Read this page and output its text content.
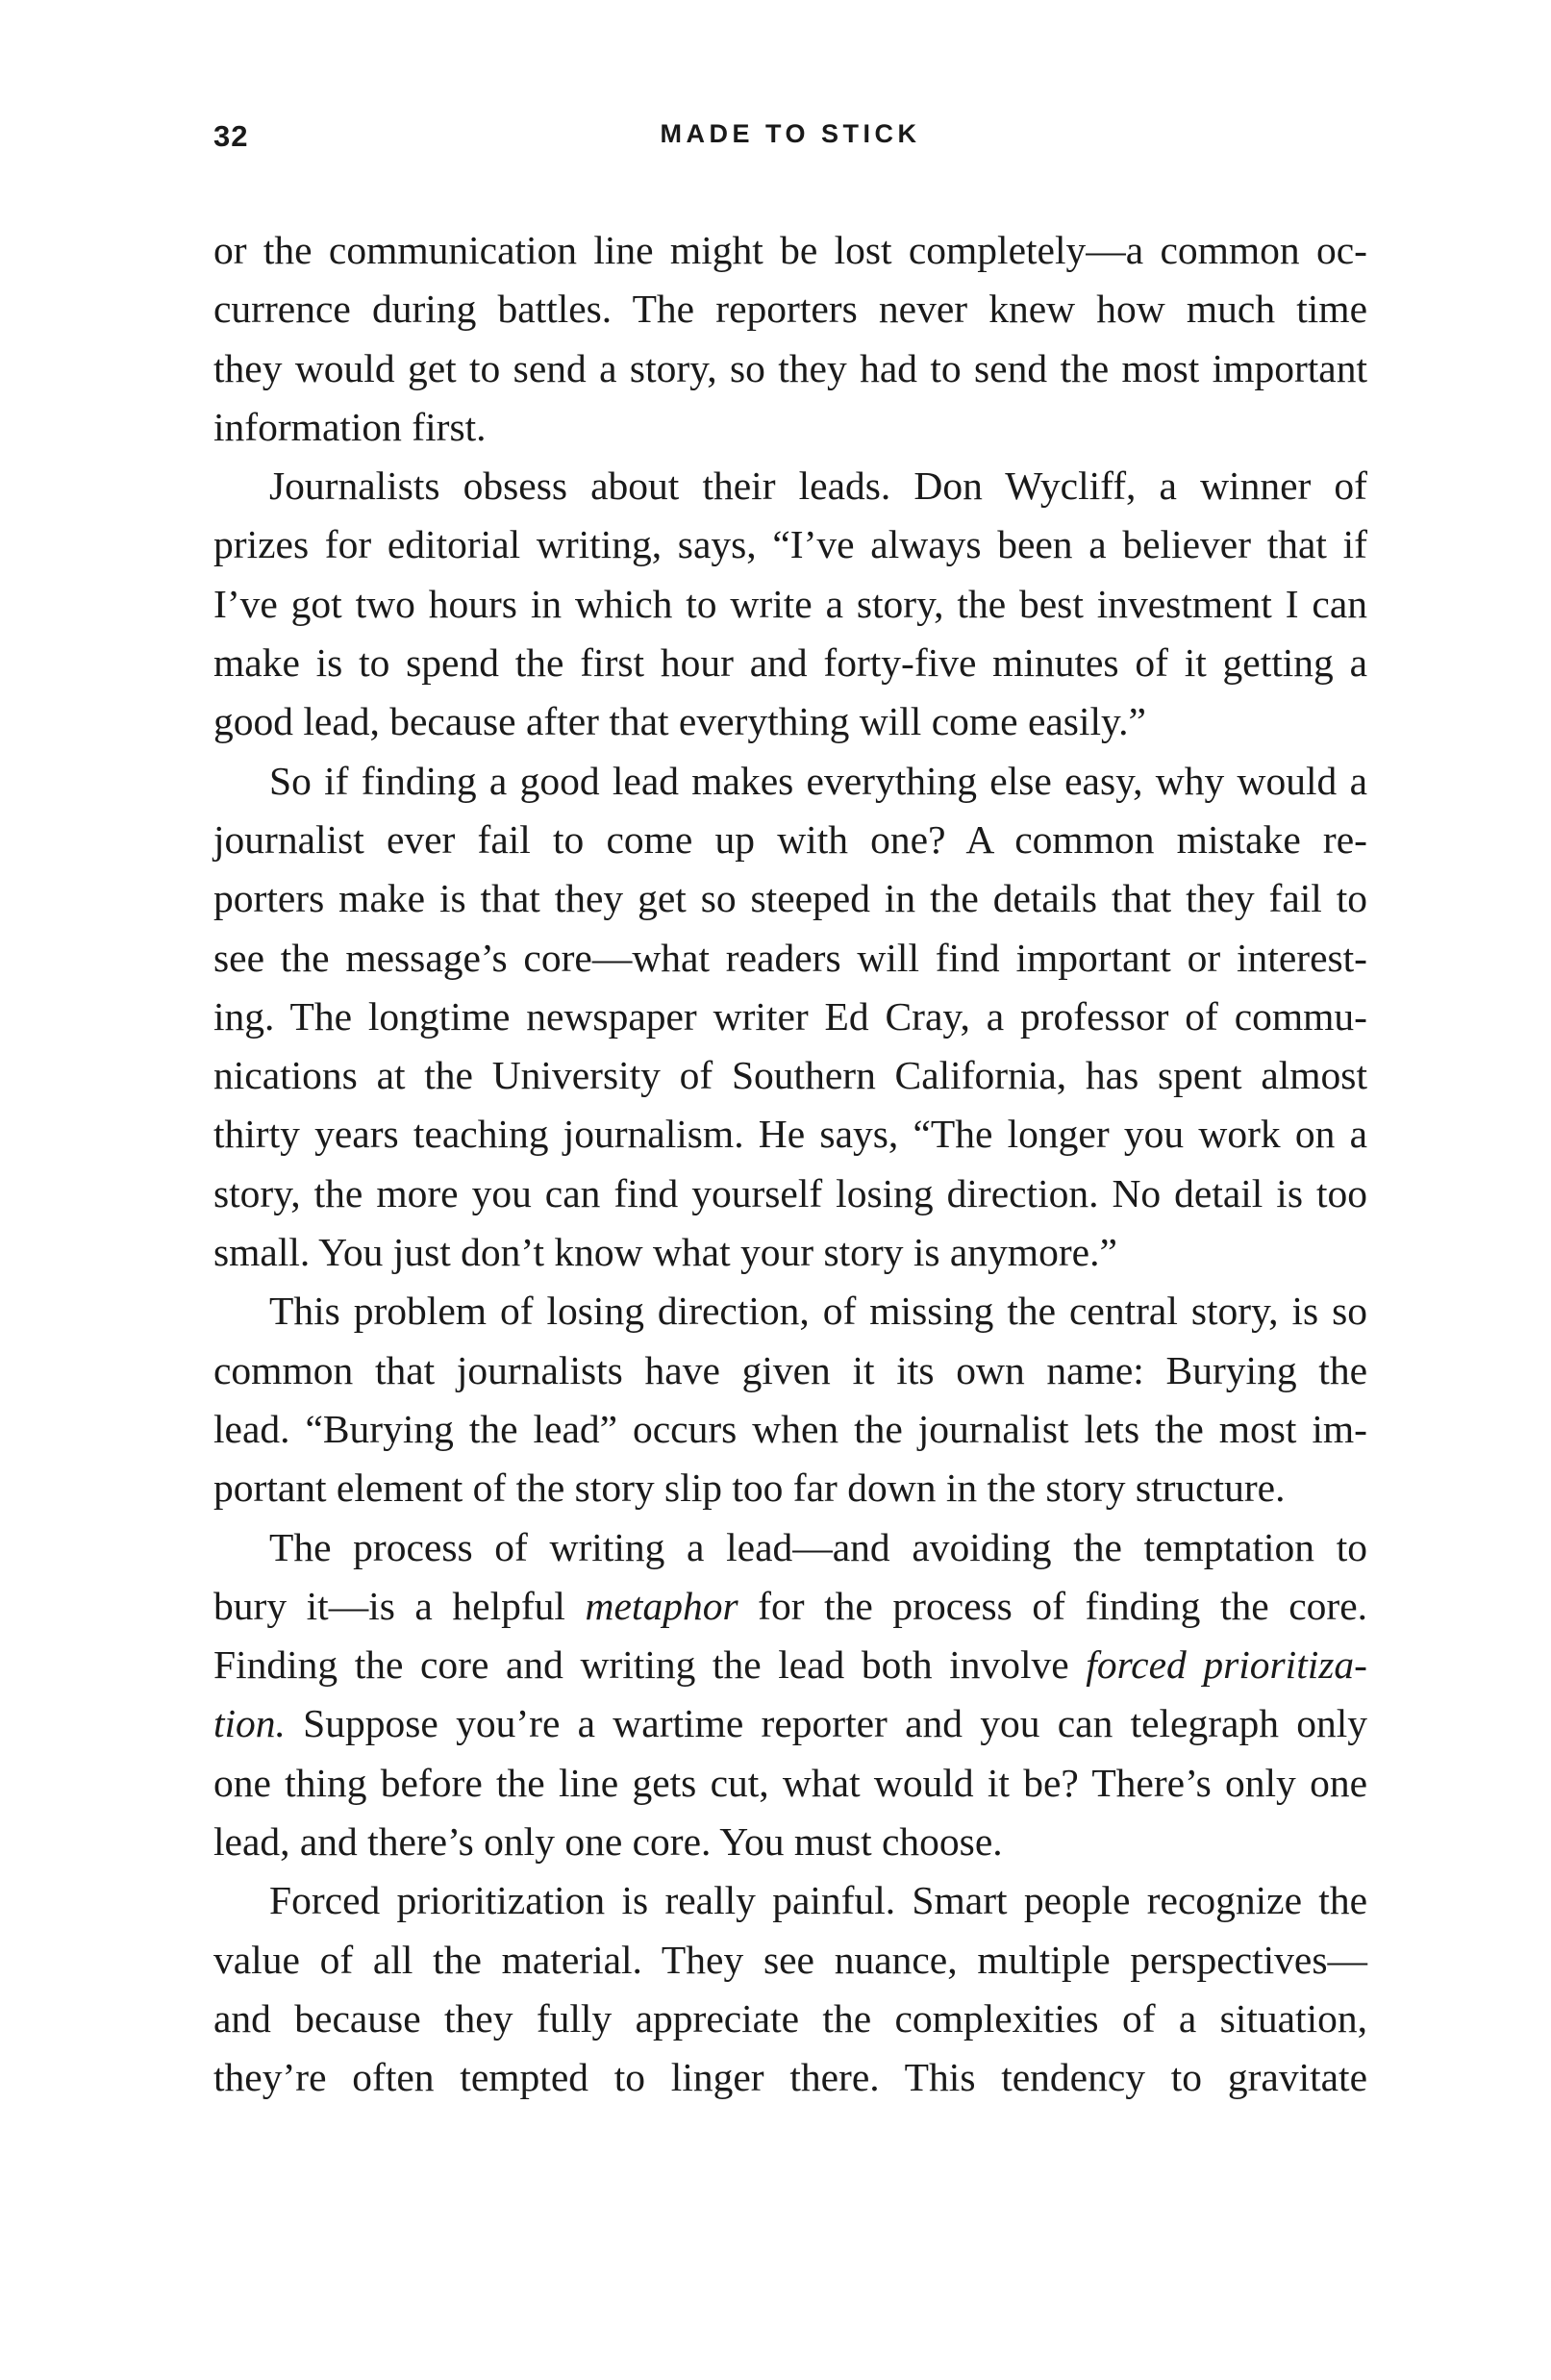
32	MADE TO STICK
or the communication line might be lost completely—a common oc-
currence during battles. The reporters never knew how much time
they would get to send a story, so they had to send the most important
information first.
Journalists obsess about their leads. Don Wycliff, a winner of
prizes for editorial writing, says, “I’ve always been a believer that if
I’ve got two hours in which to write a story, the best investment I can
make is to spend the first hour and forty-five minutes of it getting a
good lead, because after that everything will come easily.”
So if finding a good lead makes everything else easy, why would a
journalist ever fail to come up with one? A common mistake re-
porters make is that they get so steeped in the details that they fail to
see the message’s core—what readers will find important or interest-
ing. The longtime newspaper writer Ed Cray, a professor of commu-
nications at the University of Southern California, has spent almost
thirty years teaching journalism. He says, “The longer you work on a
story, the more you can find yourself losing direction. No detail is too
small. You just don’t know what your story is anymore.”
This problem of losing direction, of missing the central story, is so
common that journalists have given it its own name: Burying the
lead. “Burying the lead” occurs when the journalist lets the most im-
portant element of the story slip too far down in the story structure.
The process of writing a lead—and avoiding the temptation to
bury it—is a helpful metaphor for the process of finding the core.
Finding the core and writing the lead both involve forced prioritiza-
tion. Suppose you’re a wartime reporter and you can telegraph only
one thing before the line gets cut, what would it be? There’s only one
lead, and there’s only one core. You must choose.
Forced prioritization is really painful. Smart people recognize the
value of all the material. They see nuance, multiple perspectives—
and because they fully appreciate the complexities of a situation,
they’re often tempted to linger there. This tendency to gravitate
